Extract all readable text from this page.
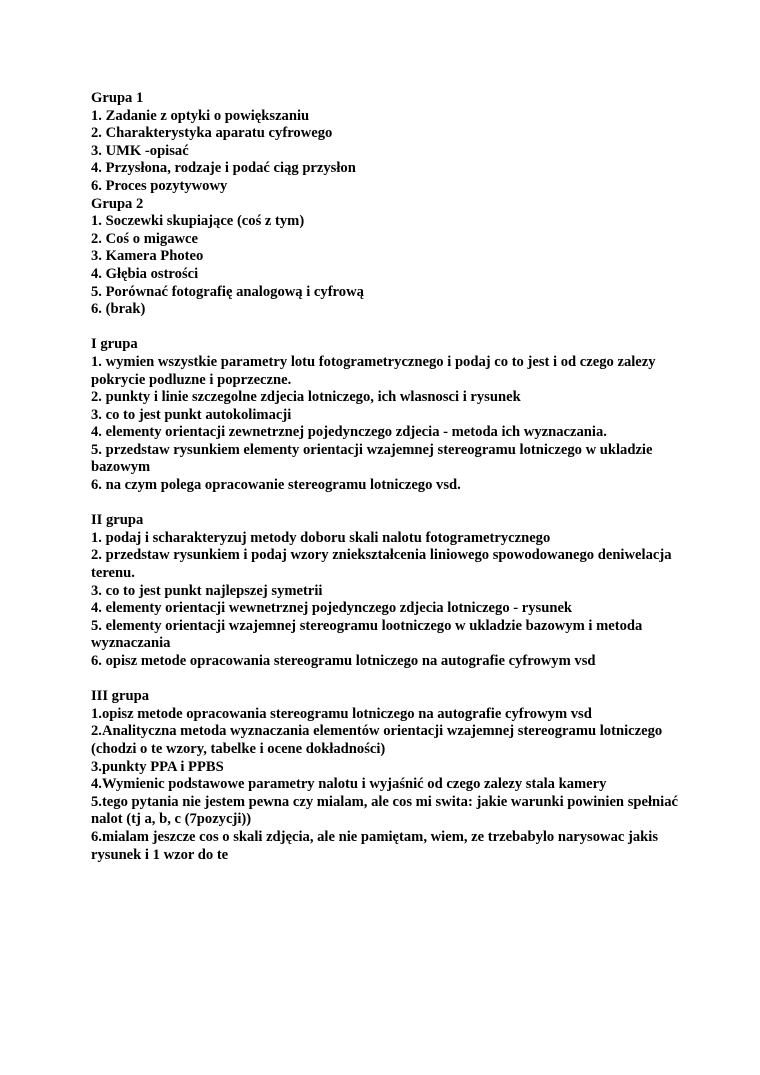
Grupa 1
1. Zadanie z optyki o powiększaniu
2. Charakterystyka aparatu cyfrowego
3. UMK -opisać
4. Przysłona, rodzaje i podać ciąg przysłon
6. Proces pozytywowy
Grupa 2
1. Soczewki skupiające (coś z tym)
2. Coś o migawce
3. Kamera Photeo
4. Głębia ostrości
5. Porównać fotografię analogową i cyfrową
6. (brak)
I grupa
1. wymien wszystkie parametry lotu fotogrametrycznego i podaj co to jest i od czego zalezy pokrycie podluzne i poprzeczne.
2. punkty i linie szczegolne zdjecia lotniczego, ich wlasnosci i rysunek
3. co to jest punkt autokolimacji
4. elementy orientacji zewnetrznej pojedynczego zdjecia - metoda ich wyznaczania.
5. przedstaw rysunkiem elementy orientacji wzajemnej stereogramu lotniczego w ukladzie bazowym
6. na czym polega opracowanie stereogramu lotniczego vsd.
II grupa
1. podaj i scharakteryzuj metody doboru skali nalotu fotogrametrycznego
2. przedstaw rysunkiem i podaj wzory zniekształcenia liniowego spowodowanego deniwelacja terenu.
3. co to jest punkt najlepszej symetrii
4. elementy orientacji wewnetrznej pojedynczego zdjecia lotniczego - rysunek
5. elementy orientacji wzajemnej stereogramu lootniczego w ukladzie bazowym i metoda wyznaczania
6. opisz metode opracowania stereogramu lotniczego na autografie cyfrowym vsd
III grupa
1.opisz metode opracowania stereogramu lotniczego na autografie cyfrowym vsd
2.Analityczna metoda wyznaczania elementów orientacji wzajemnej stereogramu lotniczego (chodzi o te wzory, tabelke i ocene dokładności)
3.punkty PPA i PPBS
4.Wymienic podstawowe parametry nalotu i wyjaśnić od czego zalezy stala kamery
5.tego pytania nie jestem pewna czy mialam, ale cos mi swita: jakie warunki powinien spełniać nalot (tj a, b, c (7pozycji))
6.mialam jeszcze cos o skali zdjęcia, ale nie pamiętam, wiem, ze trzebabylo narysowac jakis rysunek i 1 wzor do te
